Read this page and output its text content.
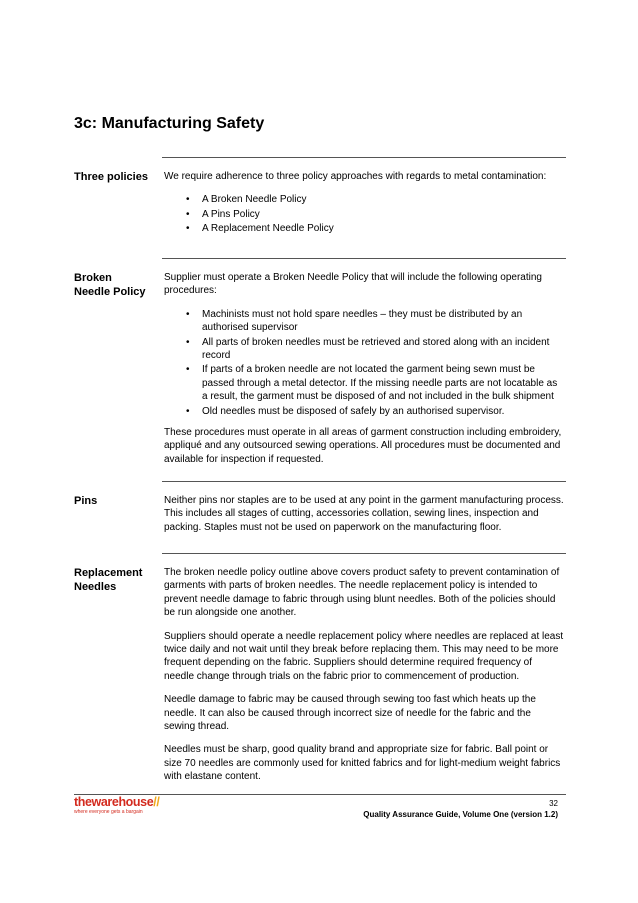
3c: Manufacturing Safety
Three policies	We require adherence to three policy approaches with regards to metal contamination:

• A Broken Needle Policy
• A Pins Policy
• A Replacement Needle Policy
Broken
Needle Policy

Supplier must operate a Broken Needle Policy that will include the following operating procedures:

• Machinists must not hold spare needles – they must be distributed by an authorised supervisor
• All parts of broken needles must be retrieved and stored along with an incident record
• If parts of a broken needle are not located the garment being sewn must be passed through a metal detector. If the missing needle parts are not locatable as a result, the garment must be disposed of and not included in the bulk shipment
• Old needles must be disposed of safely by an authorised supervisor.

These procedures must operate in all areas of garment construction including embroidery, appliqué and any outsourced sewing operations. All procedures must be documented and available for inspection if requested.

Pins	Neither pins nor staples are to be used at any point in the garment manufacturing process. This includes all stages of cutting, accessories collation, sewing lines, inspection and packing. Staples must not be used on paperwork on the manufacturing floor.

Replacement
Needles

The broken needle policy outline above covers product safety to prevent contamination of garments with parts of broken needles. The needle replacement policy is intended to prevent needle damage to fabric through using blunt needles. Both of the policies should be run alongside one another.

Suppliers should operate a needle replacement policy where needles are replaced at least twice daily and not wait until they break before replacing them. This may need to be more frequent depending on the fabric. Suppliers should determine required frequency of needle change through trials on the fabric prior to commencement of production.

Needle damage to fabric may be caused through sewing too fast which heats up the needle. It can also be caused through incorrect size of needle for the fabric and the sewing thread.

Needles must be sharp, good quality brand and appropriate size for fabric. Ball point or size 70 needles are commonly used for knitted fabrics and for light-medium weight fabrics with elastane content.

thewarehouse//
where everyone gets a bargain
32
Quality Assurance Guide, Volume One (version 1.2)
